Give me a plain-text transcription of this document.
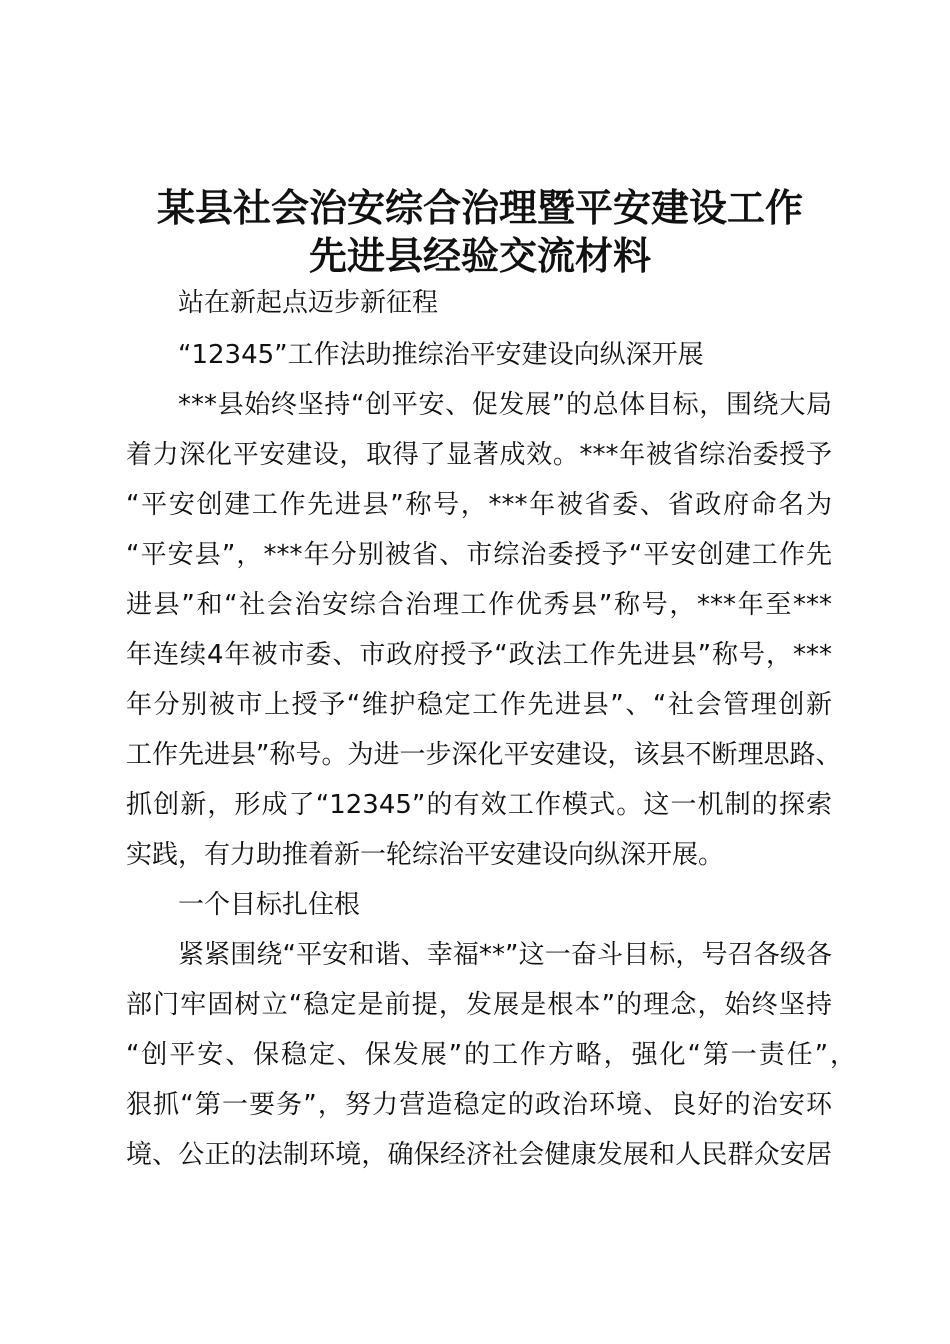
某县社会治安综合治理暨平安建设工作
先进县经验交流材料
站在新起点迈步新征程
“12345”工作法助推综治平安建设向纵深开展
***县始终坚持“创平安、促发展”的总体目标，围绕大局
着力深化平安建设，取得了显著成效。***年被省综治委授予
“平安创建工作先进县”称号，***年被省委、省政府命名为
“平安县”，***年分别被省、市综治委授予“平安创建工作先
进县”和“社会治安综合治理工作优秀县”称号，***年至***
年连续4年被市委、市政府授予“政法工作先进县”称号，***
年分别被市上授予“维护稳定工作先进县”、“社会管理创新
工作先进县”称号。为进一步深化平安建设，该县不断理思路、
抓创新，形成了“12345”的有效工作模式。这一机制的探索
实践，有力助推着新一轮综治平安建设向纵深开展。
一个目标扎住根
紧紧围绕“平安和谐、幸福**”这一奋斗目标，号召各级各
部门牢固树立“稳定是前提，发展是根本”的理念，始终坚持
“创平安、保稳定、保发展”的工作方略，强化“第一责任”，
狠抓“第一要务”，努力营造稳定的政治环境、良好的治安环
境、公正的法制环境，确保经济社会健康发展和人民群众安居
